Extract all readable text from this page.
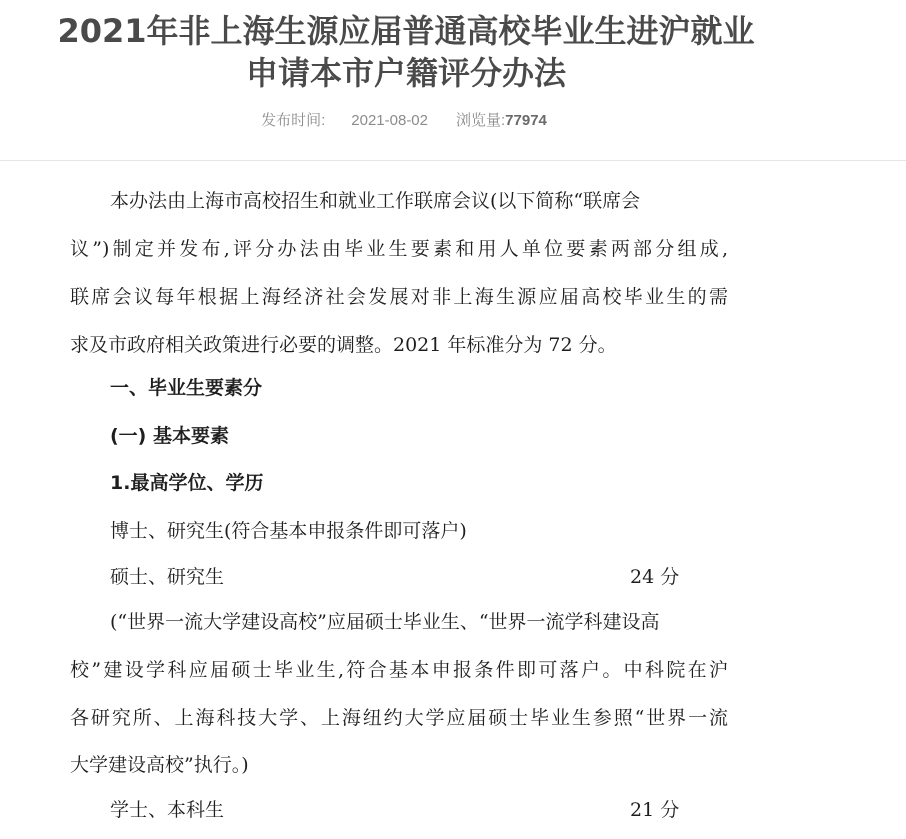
2021年非上海生源应届普通高校毕业生进沪就业
申请本市户籍评分办法
发布时间: 2021-08-02 浏览量:77974
本办法由上海市高校招生和就业工作联席会议(以下简称“联席会
议”)制定并发布,评分办法由毕业生要素和用人单位要素两部分组成,
联席会议每年根据上海经济社会发展对非上海生源应届高校毕业生的需
求及市政府相关政策进行必要的调整。2021 年标准分为 72 分。
一、毕业生要素分
(一) 基本要素
1.最高学位、学历
博士、研究生(符合基本申报条件即可落户)
硕士、研究生	24 分
(“世界一流大学建设高校”应届硕士毕业生、“世界一流学科建设高
校”建设学科应届硕士毕业生,符合基本申报条件即可落户。中科院在沪
各研究所、上海科技大学、上海纽约大学应届硕士毕业生参照“世界一流
大学建设高校”执行。)
学士、本科生	21 分
